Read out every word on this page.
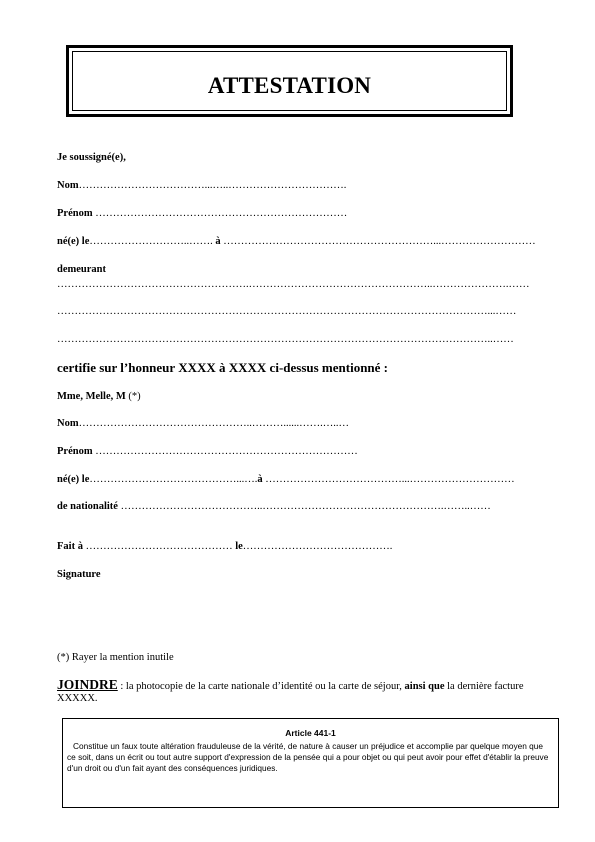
ATTESTATION
Je soussigné(e),
Nom………………………………...…..…………………………….
Prénom ………………………………………………………………
né(e) le………………………..……. à ……………………………………………………...………………………
demeurant
……………………………………………….……………………………………………..………………….……
……………………………………………………………………………………………………………...……
……………………………………………………………………………………………………………..……
certifie sur l’honneur XXXX à XXXX ci-dessus mentionné :
Mme, Melle, M (*)
Nom…………………………………………..………......…….…..…
Prénom …………………………………………………………………
né(e) le……………………………………...….à …………………………………...…………………………
de nationalité …………………………………..…………………………………………….……..……
Fait à …………………………………… le…………………………………….
Signature
(*) Rayer la mention inutile
JOINDRE : la photocopie de la carte nationale d’identité ou la carte de séjour, ainsi que la dernière facture XXXXX.
Article 441-1
Constitue un faux toute altération frauduleuse de la vérité, de nature à causer un préjudice et accomplie par quelque moyen que ce soit, dans un écrit ou tout autre support d'expression de la pensée qui a pour objet ou qui peut avoir pour effet d'établir la preuve d'un droit ou d'un fait ayant des conséquences juridiques.
